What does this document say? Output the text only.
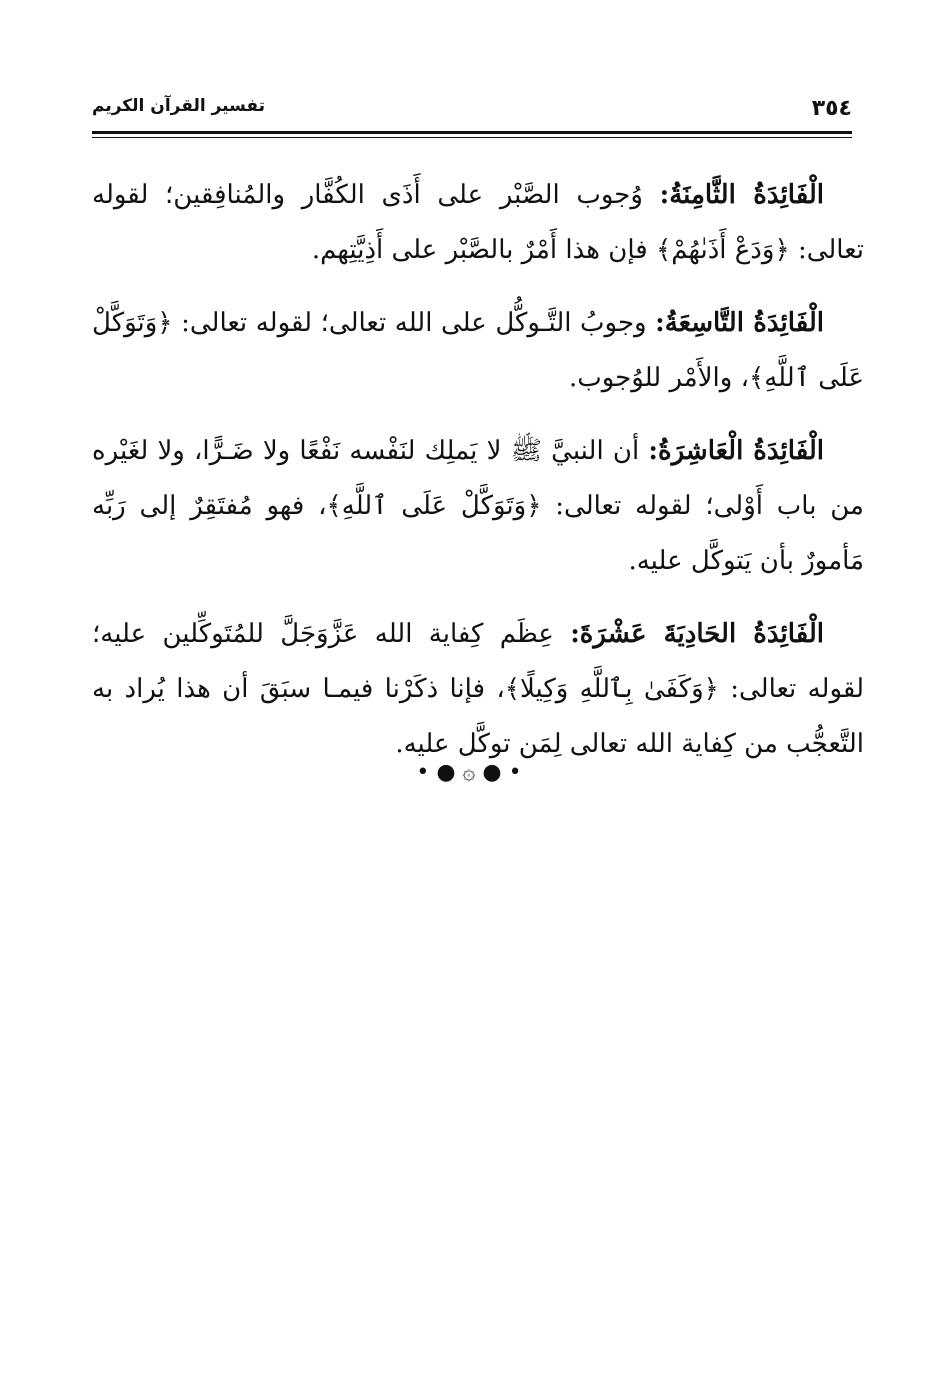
٣٥٤
تفسير القرآن الكريم

الْفَائِدَةُ الثَّامِنَةُ: وُجوب الصَّبْر على أَذَى الكُفَّار والمُنافِقين؛ لقوله تعالى: ﴿وَدَعْ أَذَىٰهُمْ﴾ فإن هذا أَمْرٌ بالصَّبْر على أَذِيَّتِهم.

الْفَائِدَةُ التَّاسِعَةُ: وجوبُ التَّـوكُّل على الله تعالى؛ لقوله تعالى: ﴿وَتَوَكَّلْ عَلَى ٱللَّهِ﴾، والأَمْر للوُجوب.

الْفَائِدَةُ الْعَاشِرَةُ: أن النبيَّ ﷺ لا يَملِك لنَفْسه نَفْعًا ولا ضَـرًّا، ولا لغَيْره من باب أَوْلى؛ لقوله تعالى: ﴿وَتَوَكَّلْ عَلَى ٱللَّهِ﴾، فهو مُفتَقِرٌ إلى رَبِّه مَأمورٌ بأن يَتوكَّل عليه.

الْفَائِدَةُ الحَادِيَةَ عَشْرَةَ: عِظَم كِفاية الله عَزَّوَجَلَّ للمُتَوكِّلين عليه؛ لقوله تعالى: ﴿وَكَفَىٰ بِٱللَّهِ وَكِيلًا﴾، فإنا ذكَرْنا فيمـا سبَقَ أن هذا يُراد به التَّعجُّب من كِفاية الله تعالى لِمَن توكَّل عليه.

• ● ۞ ● •
